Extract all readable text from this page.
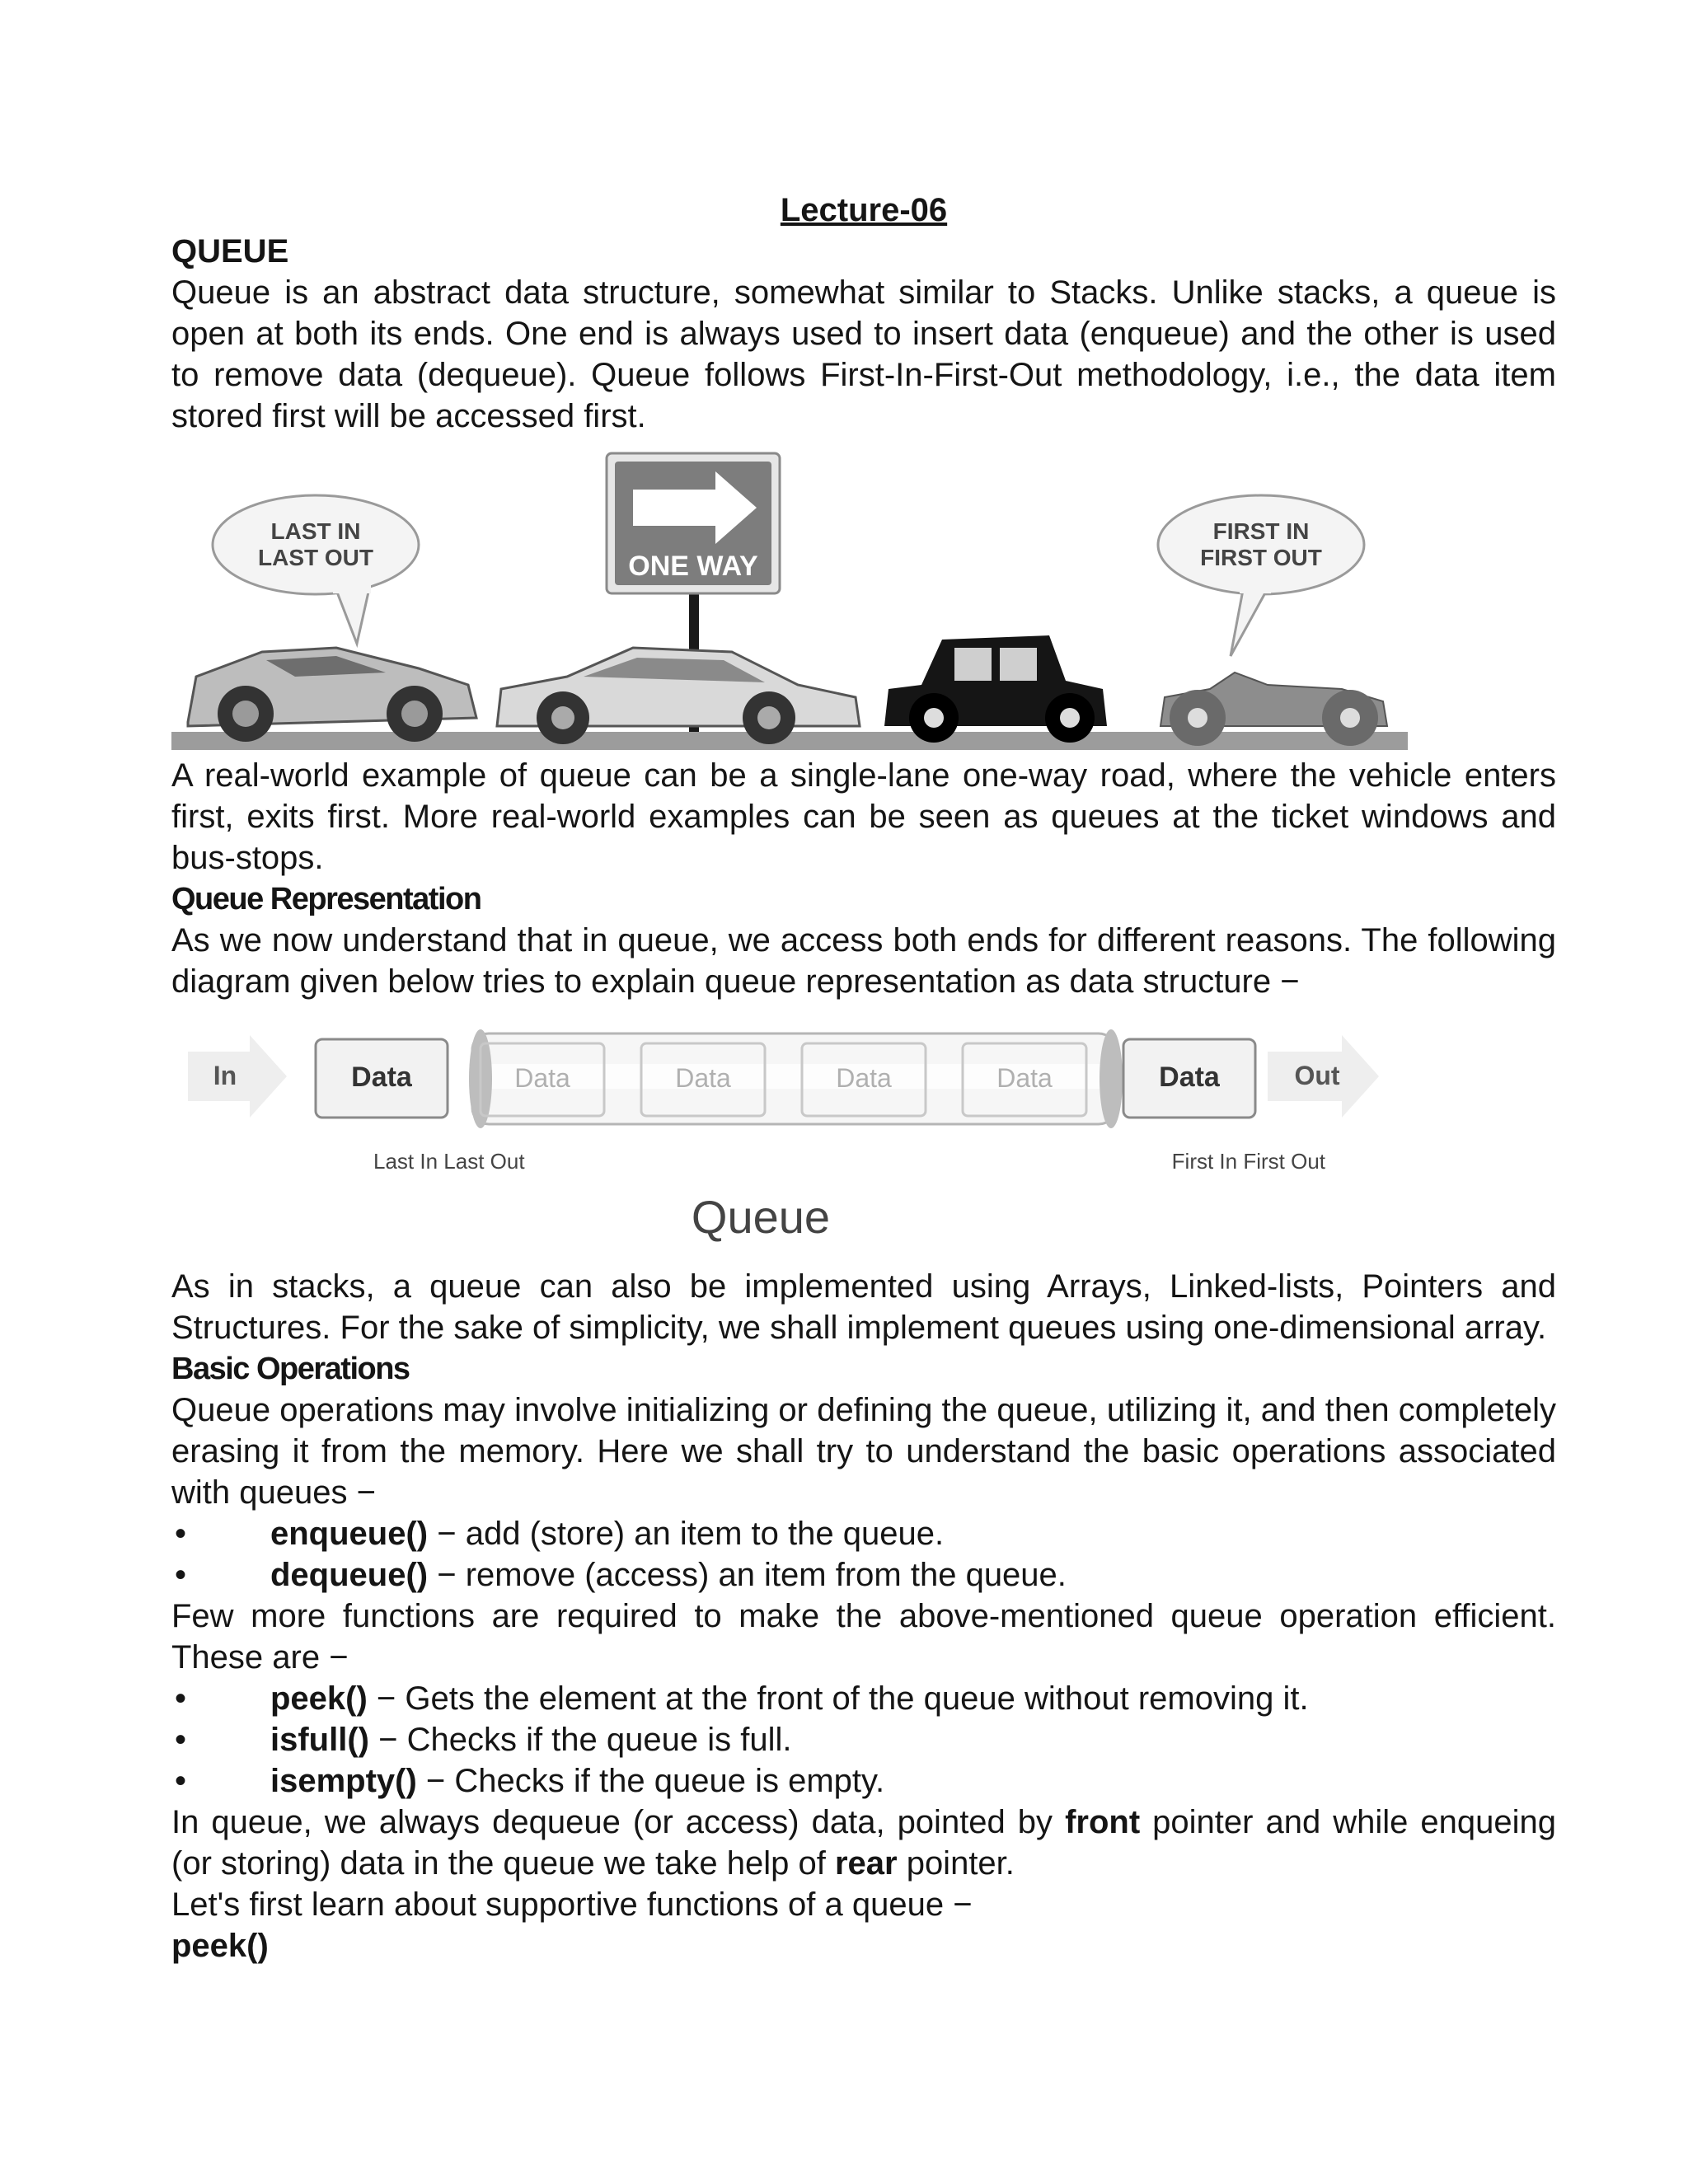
Lecture-06

QUEUE

Queue is an abstract data structure, somewhat similar to Stacks. Unlike stacks, a queue is open at both its ends. One end is always used to insert data (enqueue) and the other is used to remove data (dequeue). Queue follows First-In-First-Out methodology, i.e., the data item stored first will be accessed first.

ONE WAY
LAST IN
LAST OUT
FIRST IN
FIRST OUT

A real-world example of queue can be a single-lane one-way road, where the vehicle enters first, exits first. More real-world examples can be seen as queues at the ticket windows and bus-stops.

Queue Representation

As we now understand that in queue, we access both ends for different reasons. The following diagram given below tries to explain queue representation as data structure −

In	Data	Data	Data	Data	Data	Data	Out
Last In Last Out	First In First Out
Queue

As in stacks, a queue can also be implemented using Arrays, Linked-lists, Pointers and Structures. For the sake of simplicity, we shall implement queues using one-dimensional array.

Basic Operations

Queue operations may involve initializing or defining the queue, utilizing it, and then completely erasing it from the memory. Here we shall try to understand the basic operations associated with queues −

•	enqueue() − add (store) an item to the queue.
•	dequeue() − remove (access) an item from the queue.

Few more functions are required to make the above-mentioned queue operation efficient. These are −

•	peek() − Gets the element at the front of the queue without removing it.
•	isfull() − Checks if the queue is full.
•	isempty() − Checks if the queue is empty.

In queue, we always dequeue (or access) data, pointed by front pointer and while enqueing (or storing) data in the queue we take help of rear pointer.

Let's first learn about supportive functions of a queue −

peek()
